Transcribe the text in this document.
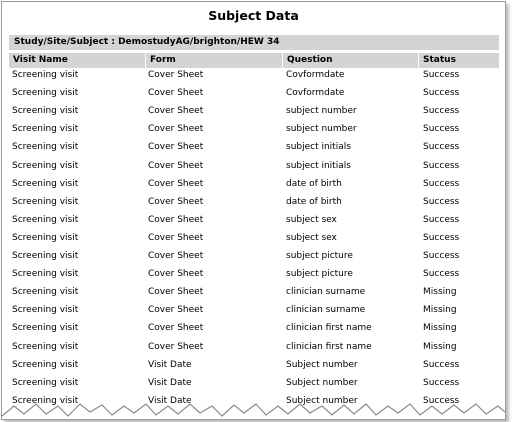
Subject Data
Study/Site/Subject : DemostudyAG/brighton/HEW 34
Visit Name	Form	Question	Status
Screening visit	Cover Sheet	Covformdate	Success
Screening visit	Cover Sheet	Covformdate	Success
Screening visit	Cover Sheet	subject number	Success
Screening visit	Cover Sheet	subject number	Success
Screening visit	Cover Sheet	subject initials	Success
Screening visit	Cover Sheet	subject initials	Success
Screening visit	Cover Sheet	date of birth	Success
Screening visit	Cover Sheet	date of birth	Success
Screening visit	Cover Sheet	subject sex	Success
Screening visit	Cover Sheet	subject sex	Success
Screening visit	Cover Sheet	subject picture	Success
Screening visit	Cover Sheet	subject picture	Success
Screening visit	Cover Sheet	clinician surname	Missing
Screening visit	Cover Sheet	clinician surname	Missing
Screening visit	Cover Sheet	clinician first name	Missing
Screening visit	Cover Sheet	clinician first name	Missing
Screening visit	Visit Date	Subject number	Success
Screening visit	Visit Date	Subject number	Success
Screening visit	Visit Date	Subject number	Success
